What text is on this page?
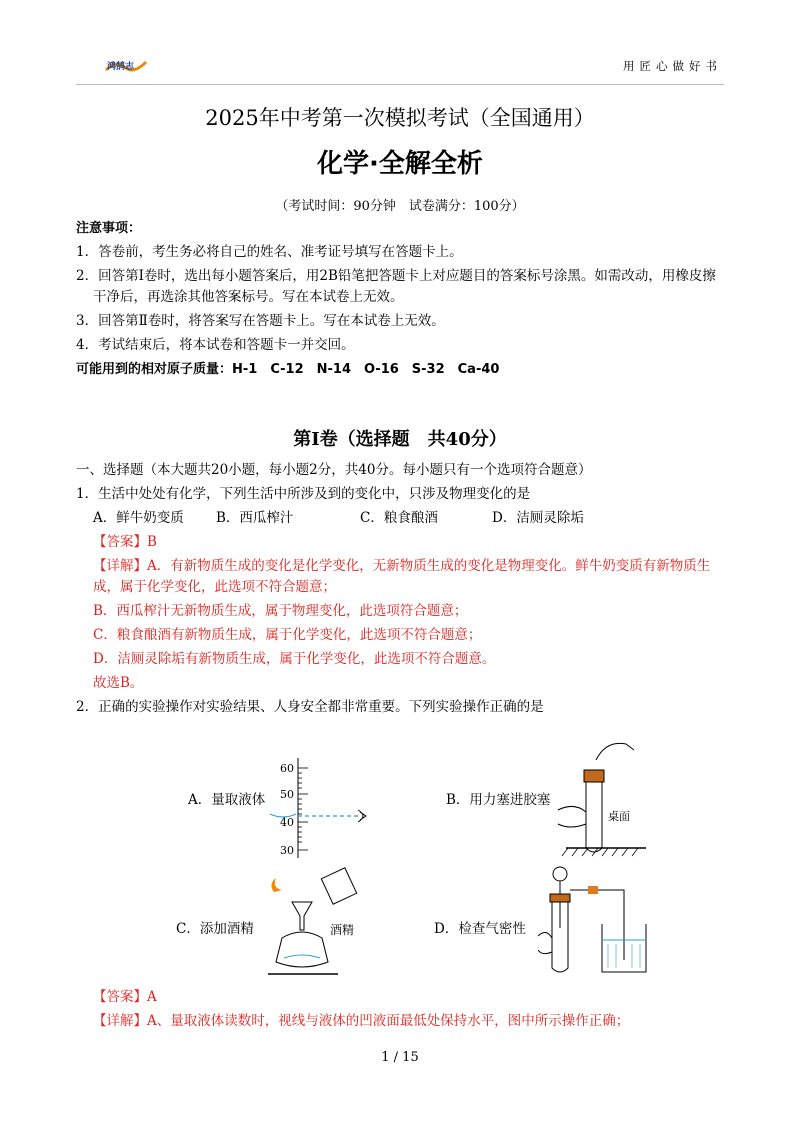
鸿鹄志	用匠心做好书
2025年中考第一次模拟考试（全国通用）
化学·全解全析
（考试时间：90分钟　试卷满分：100分）
注意事项：
1．答卷前，考生务必将自己的姓名、准考证号填写在答题卡上。
2．回答第Ⅰ卷时，选出每小题答案后，用2B铅笔把答题卡上对应题目的答案标号涂黑。如需改动，用橡皮擦干净后，再选涂其他答案标号。写在本试卷上无效。
3．回答第Ⅱ卷时，将答案写在答题卡上。写在本试卷上无效。
4．考试结束后，将本试卷和答题卡一并交回。
可能用到的相对原子质量：H-1　C-12　N-14　O-16　S-32　Ca-40
第Ⅰ卷（选择题　共40分）
一、选择题（本大题共20小题，每小题2分，共40分。每小题只有一个选项符合题意）
1．生活中处处有化学，下列生活中所涉及到的变化中，只涉及物理变化的是
A．鲜牛奶变质	B．西瓜榨汁	C．粮食酿酒	D．洁厕灵除垢
【答案】B
【详解】A．有新物质生成的变化是化学变化，无新物质生成的变化是物理变化。鲜牛奶变质有新物质生成，属于化学变化，此选项不符合题意；
B．西瓜榨汁无新物质生成，属于物理变化，此选项符合题意；
C．粮食酿酒有新物质生成，属于化学变化，此选项不符合题意；
D．洁厕灵除垢有新物质生成，属于化学变化，此选项不符合题意。
故选B。
2．正确的实验操作对实验结果、人身安全都非常重要。下列实验操作正确的是
A．量取液体
60
50
40
30
B．用力塞进胶塞
桌面
C．添加酒精	酒精	D．检查气密性
【答案】A
【详解】A、量取液体读数时，视线与液体的凹液面最低处保持水平，图中所示操作正确；
1 / 15
